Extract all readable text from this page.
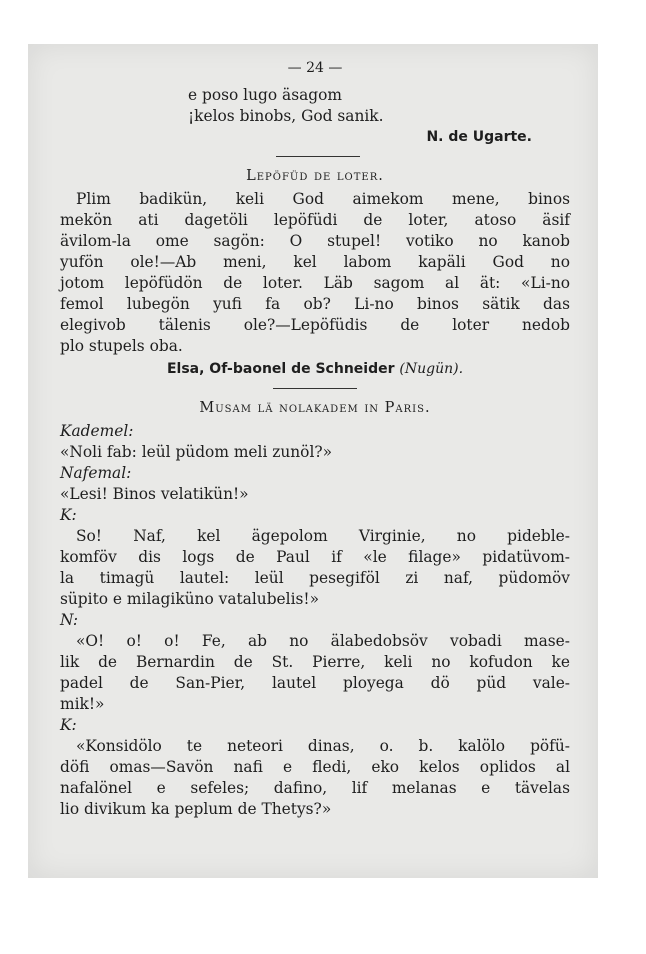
— 24 —
e poso lugo äsagom
¡kelos binobs, God sanik.
N. de Ugarte.
Lepöfüd de loter.
Plim badikün, keli God aimekom mene, binos
mekön ati dagetöli lepöfüdi de loter, atoso äsif
ävilom-la ome sagön: O stupel! votiko no kanob
yufön ole!—Ab meni, kel labom kapäli God no
jotom lepöfüdön de loter. Läb sagom al ät: «Li-no
femol lubegön yufi fa ob? Li-no binos sätik das
elegivob tälenis ole?—Lepöfüdis de loter nedob
plo stupels oba.
Elsa, Of-baonel de Schneider (Nugün).
Musam lä nolakadem in Paris.
Kademel:
«Noli fab: leül püdom meli zunöl?»
Nafemal:
«Lesi! Binos velatikün!»
K:
So! Naf, kel ägepolom Virginie, no pideble-
komföv dis logs de Paul if «le filage» pidatüvom-
la timagü lautel: leül pesegiföl zi naf, püdomöv
süpito e milagiküno vatalubelis!»
N:
«O! o! o! Fe, ab no älabedobsöv vobadi mase-
lik de Bernardin de St. Pierre, keli no kofudon ke
padel de San-Pier, lautel ployega dö püd vale-
mik!»
K:
«Konsidölo te neteori dinas, o. b. kalölo pöfü-
döfi omas—Savön nafi e fledi, eko kelos oplidos al
nafalönel e sefeles; dafino, lif melanas e tävelas
lio divikum ka peplum de Thetys?»
